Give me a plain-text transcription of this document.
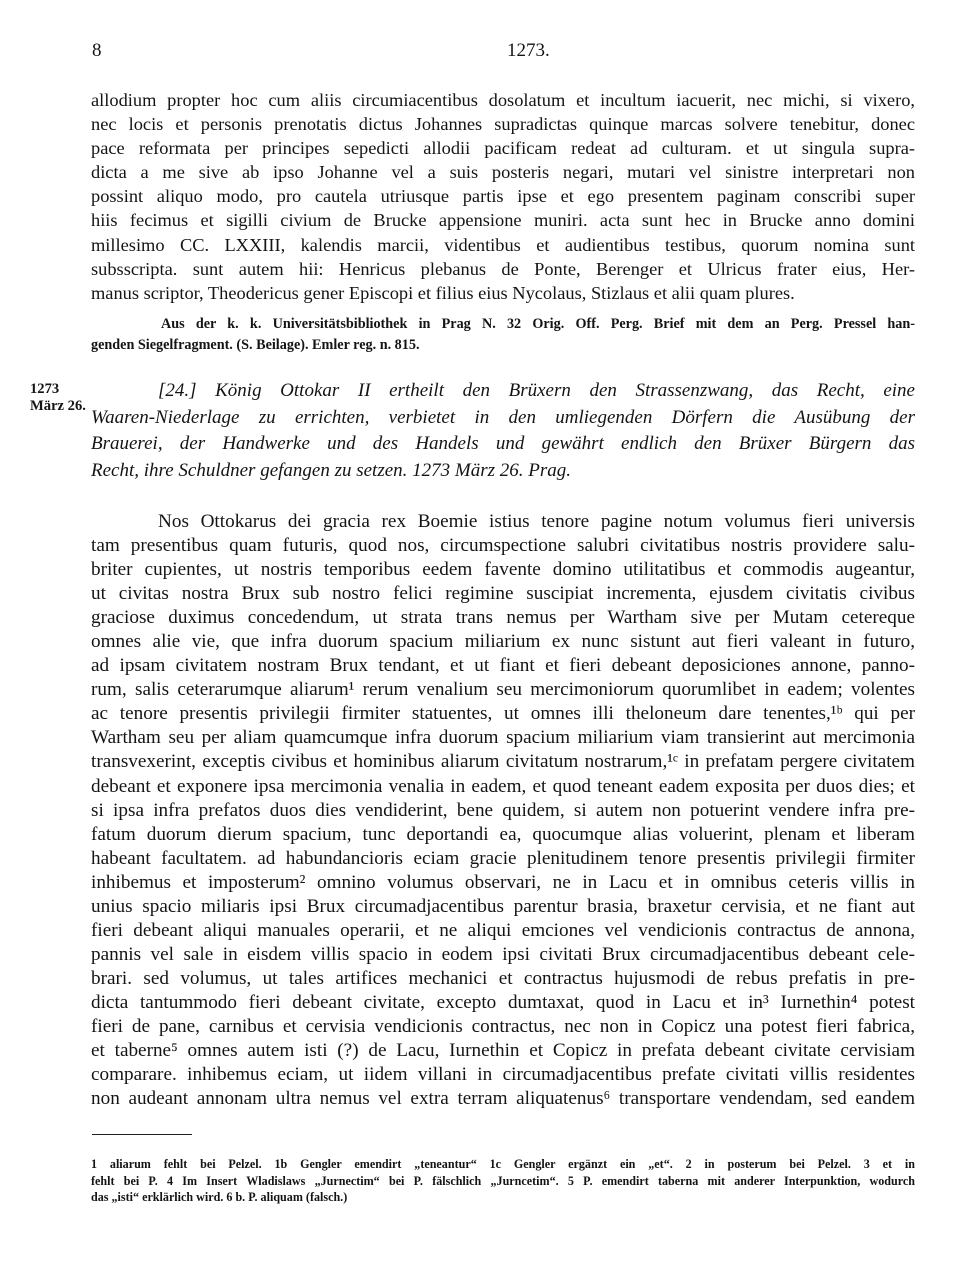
8	1273.
allodium propter hoc cum aliis circumiacentibus dosolatum et incultum iacuerit, nec michi, si vixero,
nec locis et personis prenotatis dictus Johannes supradictas quinque marcas solvere tenebitur, donec
pace reformata per principes sepedicti allodii pacificam redeat ad culturam. et ut singula supra-
dicta a me sive ab ipso Johanne vel a suis posteris negari, mutari vel sinistre interpretari non
possint aliquo modo, pro cautela utriusque partis ipse et ego presentem paginam conscribi super
hiis fecimus et sigilli civium de Brucke appensione muniri. acta sunt hec in Brucke anno domini
millesimo CC. LXXIII, kalendis marcii, videntibus et audientibus testibus, quorum nomina sunt
subsscripta. sunt autem hii: Henricus plebanus de Ponte, Berenger et Ulricus frater eius, Her-
manus scriptor, Theodericus gener Episcopi et filius eius Nycolaus, Stizlaus et alii quam plures.
Aus der k. k. Universitätsbibliothek in Prag N. 32 Orig. Off. Perg. Brief mit dem an Perg. Pressel han-
genden Siegelfragment. (S. Beilage). Emler reg. n. 815.
1273
März 26.
[24.] König Ottokar II ertheilt den Brüxern den Strassenzwang, das Recht, eine
Waaren-Niederlage zu errichten, verbietet in den umliegenden Dörfern die Ausübung der
Brauerei, der Handwerke und des Handels und gewährt endlich den Brüxer Bürgern das
Recht, ihre Schuldner gefangen zu setzen. 1273 März 26. Prag.
Nos Ottokarus dei gracia rex Boemie istius tenore pagine notum volumus fieri universis
tam presentibus quam futuris, quod nos, circumspectione salubri civitatibus nostris providere salu-
briter cupientes, ut nostris temporibus eedem favente domino utilitatibus et commodis augeantur,
ut civitas nostra Brux sub nostro felici regimine suscipiat incrementa, ejusdem civitatis civibus
graciose duximus concedendum, ut strata trans nemus per Wartham sive per Mutam cetereque
omnes alie vie, que infra duorum spacium miliarium ex nunc sistunt aut fieri valeant in futuro,
ad ipsam civitatem nostram Brux tendant, et ut fiant et fieri debeant deposiciones annone, panno-
rum, salis ceterarumque aliarum¹ rerum venalium seu mercimoniorum quorumlibet in eadem; volentes
ac tenore presentis privilegii firmiter statuentes, ut omnes illi theloneum dare tenentes,¹ᵇ qui per
Wartham seu per aliam quamcumque infra duorum spacium miliarium viam transierint aut mercimonia
transvexerint, exceptis civibus et hominibus aliarum civitatum nostrarum,¹ᶜ in prefatam pergere civitatem
debeant et exponere ipsa mercimonia venalia in eadem, et quod teneant eadem exposita per duos dies; et
si ipsa infra prefatos duos dies vendiderint, bene quidem, si autem non potuerint vendere infra pre-
fatum duorum dierum spacium, tunc deportandi ea, quocumque alias voluerint, plenam et liberam
habeant facultatem. ad habundancioris eciam gracie plenitudinem tenore presentis privilegii firmiter
inhibemus et imposterum² omnino volumus observari, ne in Lacu et in omnibus ceteris villis in
unius spacio miliaris ipsi Brux circumadjacentibus parentur brasia, braxetur cervisia, et ne fiant aut
fieri debeant aliqui manuales operarii, et ne aliqui emciones vel vendicionis contractus de annona,
pannis vel sale in eisdem villis spacio in eodem ipsi civitati Brux circumadjacentibus debeant cele-
brari. sed volumus, ut tales artifices mechanici et contractus hujusmodi de rebus prefatis in pre-
dicta tantummodo fieri debeant civitate, excepto dumtaxat, quod in Lacu et in³ Iurnethin⁴ potest
fieri de pane, carnibus et cervisia vendicionis contractus, nec non in Copicz una potest fieri fabrica,
et taberne⁵ omnes autem isti (?) de Lacu, Iurnethin et Copicz in prefata debeant civitate cervisiam
comparare. inhibemus eciam, ut iidem villani in circumadjacentibus prefate civitati villis residentes
non audeant annonam ultra nemus vel extra terram aliquatenus⁶ transportare vendendam, sed eandem
1 aliarum fehlt bei Pelzel. 1b Gengler emendirt „teneantur“ 1c Gengler ergänzt ein „et“. 2 in posterum bei Pelzel. 3 et in
fehlt bei P. 4 Im Insert Wladislaws „Jurnectim“ bei P. fälschlich „Jurncetim“. 5 P. emendirt taberna mit anderer Interpunktion, wodurch
das „isti“ erklärlich wird. 6 b. P. aliquam (falsch.)
